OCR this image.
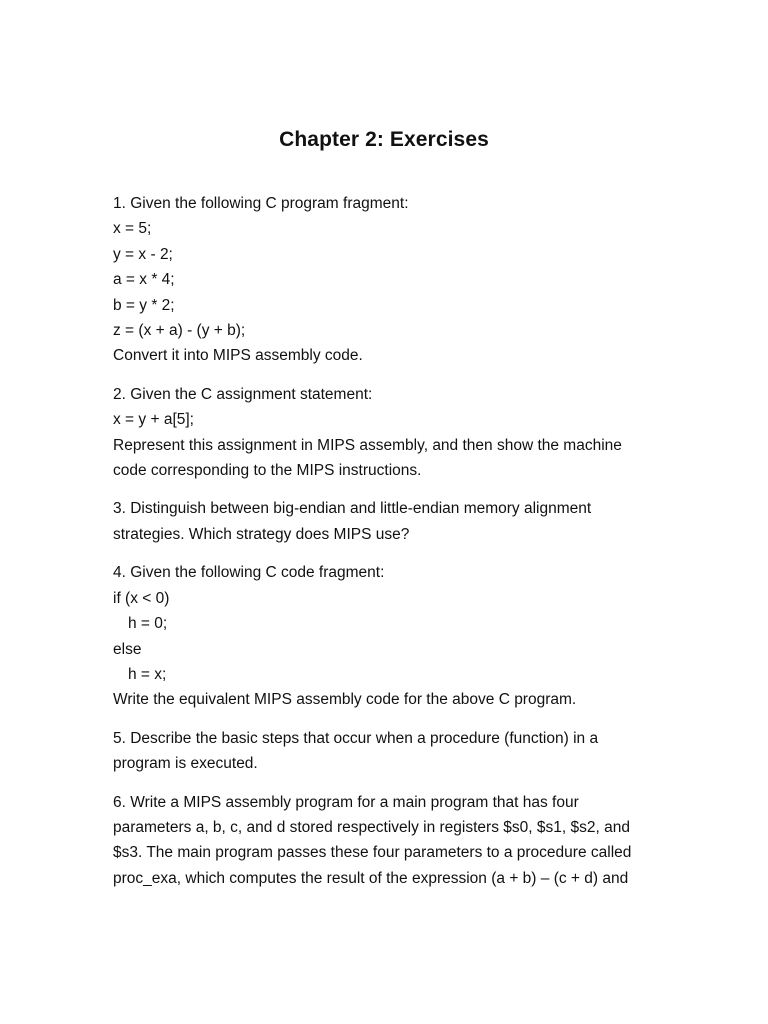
Chapter 2: Exercises
1. Given the following C program fragment:
x = 5;
y = x - 2;
a = x * 4;
b = y * 2;
z = (x + a) - (y + b);
Convert it into MIPS assembly code.
2. Given the C assignment statement:
x = y + a[5];
Represent this assignment in MIPS assembly, and then show the machine code corresponding to the MIPS instructions.
3. Distinguish between big-endian and little-endian memory alignment strategies. Which strategy does MIPS use?
4. Given the following C code fragment:
if (x < 0)
h = 0;
else
h = x;
Write the equivalent MIPS assembly code for the above C program.
5. Describe the basic steps that occur when a procedure (function) in a program is executed.
6. Write a MIPS assembly program for a main program that has four parameters a, b, c, and d stored respectively in registers $s0, $s1, $s2, and $s3. The main program passes these four parameters to a procedure called proc_exa, which computes the result of the expression (a + b) – (c + d) and
